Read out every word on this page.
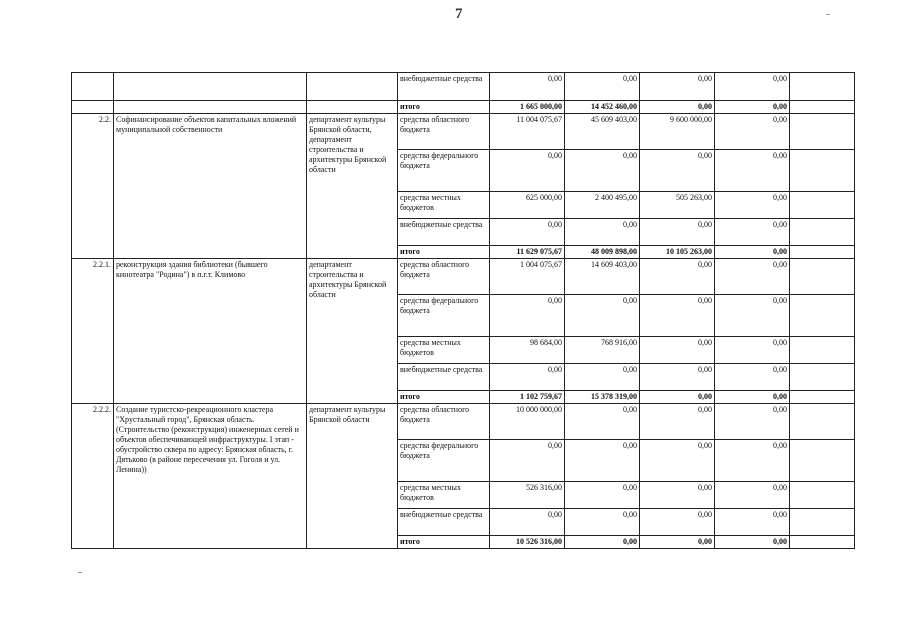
7
			внебюджетные средства	0,00	0,00	0,00	0,00	
			итого	1 665 000,00	14 452 460,00	0,00	0,00	
2.2.	Софинансирование объектов капитальных вложений муниципальной собственности	департамент культуры Брянской области, департамент строительства и архитектуры Брянской области	средства областного бюджета	11 004 075,67	45 609 403,00	9 600 000,00	0,00	
			средства федерального бюджета	0,00	0,00	0,00	0,00	
			средства местных бюджетов	625 000,00	2 400 495,00	505 263,00	0,00	
			внебюджетные средства	0,00	0,00	0,00	0,00	
			итого	11 629 075,67	48 009 898,00	10 105 263,00	0,00	
2.2.1.	реконструкция здания библиотеки (бывшего кинотеатра "Родина") в п.г.т. Климово	департамент строительства и архитектуры Брянской области	средства областного бюджета	1 004 075,67	14 609 403,00	0,00	0,00	
			средства федерального бюджета	0,00	0,00	0,00	0,00	
			средства местных бюджетов	98 684,00	768 916,00	0,00	0,00	
			внебюджетные средства	0,00	0,00	0,00	0,00	
			итого	1 102 759,67	15 378 319,00	0,00	0,00	
2.2.2.	Создание туристско-рекреационного кластера "Хрустальный город", Брянская область. (Строительство (реконструкция) инженерных сетей и объектов обеспечивающей инфраструктуры. I этап - обустройство сквера по адресу: Брянская область, г. Дятьково (в районе пересечения ул. Гоголя и ул. Ленина))	департамент культуры Брянской области	средства областного бюджета	10 000 000,00	0,00	0,00	0,00	
			средства федерального бюджета	0,00	0,00	0,00	0,00	
			средства местных бюджетов	526 316,00	0,00	0,00	0,00	
			внебюджетные средства	0,00	0,00	0,00	0,00	
			итого	10 526 316,00	0,00	0,00	0,00	
